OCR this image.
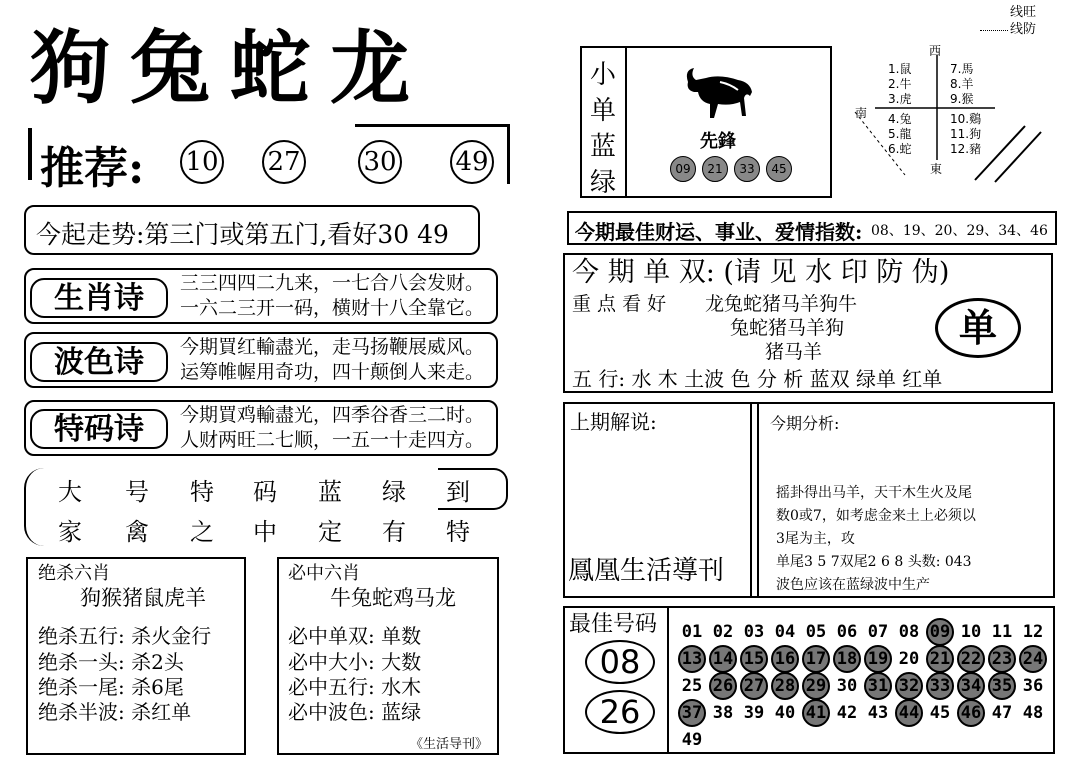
狗兔蛇龙
推荐: 10 27 30 49
今起走势:第三门或第五门,看好30 49
生肖诗	三三四四二九来，一七合八会发财。
一六二三开一码，横财十八全靠它。
波色诗	今期買红輸盡光，走马扬鞭展威风。
运筹帷幄用奇功，四十颠倒人来走。
特码诗	今期買鸡輸盡光，四季谷香三二时。
人财两旺二七顺，一五一十走四方。
大	号	特	码	蓝	绿	到
家	禽	之	中	定	有	特
绝杀六肖
狗猴猪鼠虎羊
绝杀五行: 杀火金行
绝杀一头: 杀2头
绝杀一尾: 杀6尾
绝杀半波: 杀红单
必中六肖
牛兔蛇鸡马龙
必中单双: 单数
必中大小: 大数
必中五行: 水木
必中波色: 蓝绿
《生活导刊》
线旺
线防
小
单
蓝
绿
先鋒
09	21	33	45
西
南
東
1.鼠
2.牛
3.虎
4.兔
5.龍
6.蛇
7.馬
8.羊
9.猴
10.鷄
11.狗
12.豬
今期最佳财运、事业、爱情指数: 08、19、20、29、34、46
今 期 单 双: (请 见 水 印 防 伪)
重 点 看 好 龙兔蛇猪马羊狗牛
兔蛇猪马羊狗
猪马羊
单
五 行: 水 木 土波 色 分 析 蓝双 绿单 红单
上期解说:	今期分析:
鳳凰生活導刊
摇卦得出马羊，天干木生火及尾
数0或7，如考虑金来土上必须以
3尾为主，攻
单尾3 5 7双尾2 6 8 头数: 043
波色应该在蓝绿波中生产
最佳号码
08
26
01 02 03 04 05 06 07 08 09 10 11 12
13 14 15 16 17 18 19 20 21 22 23 24
25 26 27 28 29 30 31 32 33 34 35 36
37 38 39 40 41 42 43 44 45 46 47 48
49
